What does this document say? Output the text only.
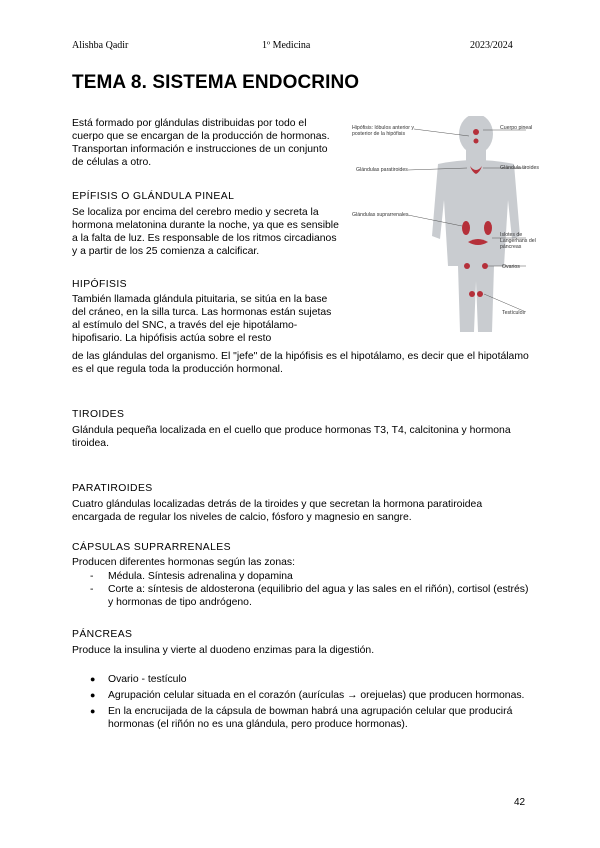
Alishba Qadir	1º Medicina	2023/2024
TEMA 8. SISTEMA ENDOCRINO

Está formado por glándulas distribuidas por todo el cuerpo que se encargan de la producción de hormonas. Transportan información e instrucciones de un conjunto de células a otro.

EPÍFISIS O GLÁNDULA PINEAL

Se localiza por encima del cerebro medio y secreta la hormona melatonina durante la noche, ya que es sensible a la falta de luz. Es responsable de los ritmos circadianos y a partir de los 25 comienza a calcificar.

HIPÓFISIS

También llamada glándula pituitaria, se sitúa en la base del cráneo, en la silla turca. Las hormonas están sujetas al estímulo del SNC, a través del eje hipotálamo-hipofisario. La hipófisis actúa sobre el resto

de las glándulas del organismo. El "jefe" de la hipófisis es el hipotálamo, es decir que el hipotálamo es el que regula toda la producción hormonal.

TIROIDES

Glándula pequeña localizada en el cuello que produce hormonas T3, T4, calcitonina y hormona tiroidea.

PARATIROIDES

Cuatro glándulas localizadas detrás de la tiroides y que secretan la hormona paratiroidea encargada de regular los niveles de calcio, fósforo y magnesio en sangre.

CÁPSULAS SUPRARRENALES

Producen diferentes hormonas según las zonas:

- Médula. Síntesis adrenalina y dopamina
- Corte a: síntesis de aldosterona (equilibrio del agua y las sales en el riñón), cortisol (estrés) y hormonas de tipo andrógeno.

PÁNCREAS

Produce la insulina y vierte al duodeno enzimas para la digestión.

● Ovario - testículo
● Agrupación celular situada en el corazón (aurículas → orejuelas) que producen hormonas.
● En la encrucijada de la cápsula de bowman habrá una agrupación celular que producirá hormonas (el riñón no es una glándula, pero produce hormonas).
Hipófisis: lóbulos anterior y posterior de la hipófisis
Glándulas paratiroides
Glándulas suprarrenales
Cuerpo pineal
Glándula tiroides
Islotes de Langerhans del páncreas
Ovarios
Testículos
42
